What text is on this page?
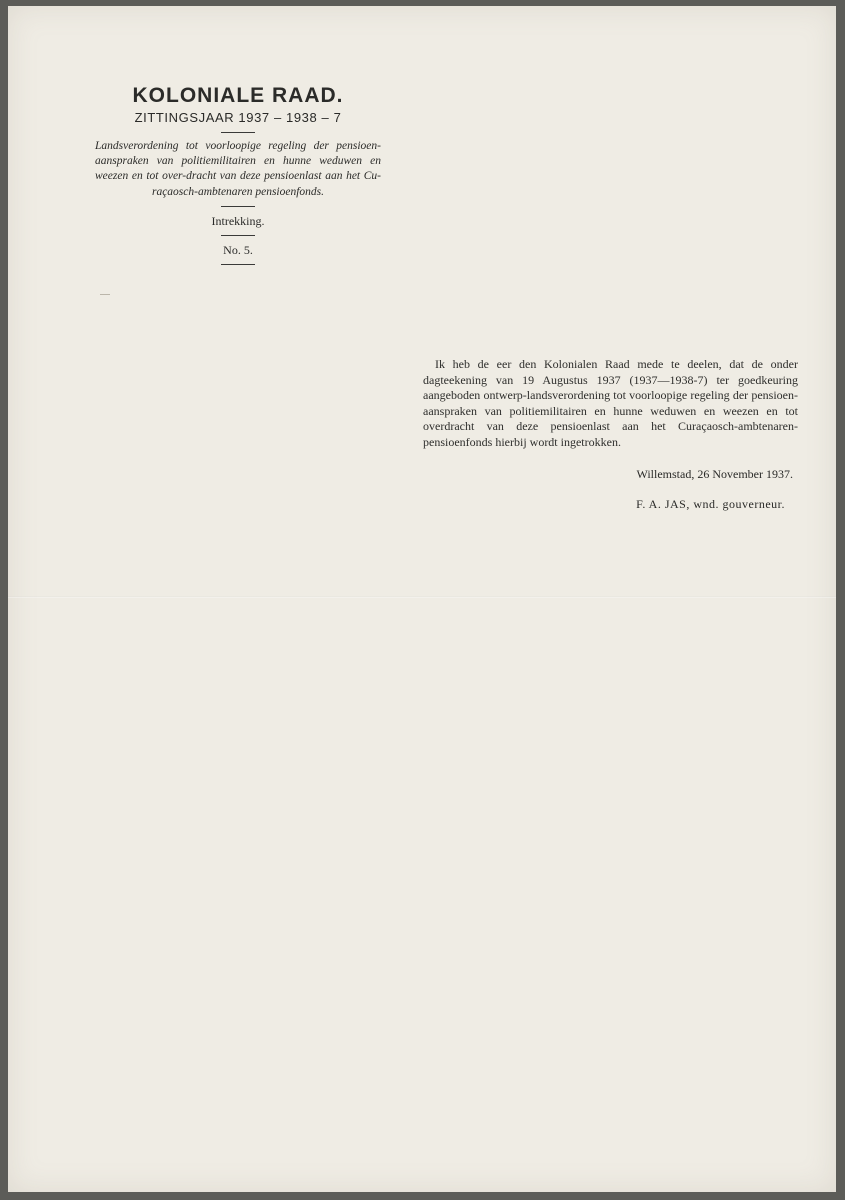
KOLONIALE RAAD.
ZITTINGSJAAR 1937 – 1938 – 7
Landsverordening tot voorloopige regeling der pensioen-aanspraken van politiemilitairen en hunne weduwen en weezen en tot over-dracht van deze pensioenlast aan het Cu-raçaosch-ambtenaren pensioenfonds.
Intrekking.
No. 5.
Ik heb de eer den Kolonialen Raad mede te deelen, dat de onder dagteekening van 19 Augustus 1937 (1937—1938-7) ter goedkeuring aangeboden ontwerp-landsverordening tot voorloopige regeling der pensioen-aanspraken van politiemilitairen en hunne weduwen en weezen en tot overdracht van deze pensioenlast aan het Curaçaosch-ambtenaren-pensioenfonds hierbij wordt ingetrokken.
Willemstad, 26 November 1937.
F. A. JAS, wnd. gouverneur.
